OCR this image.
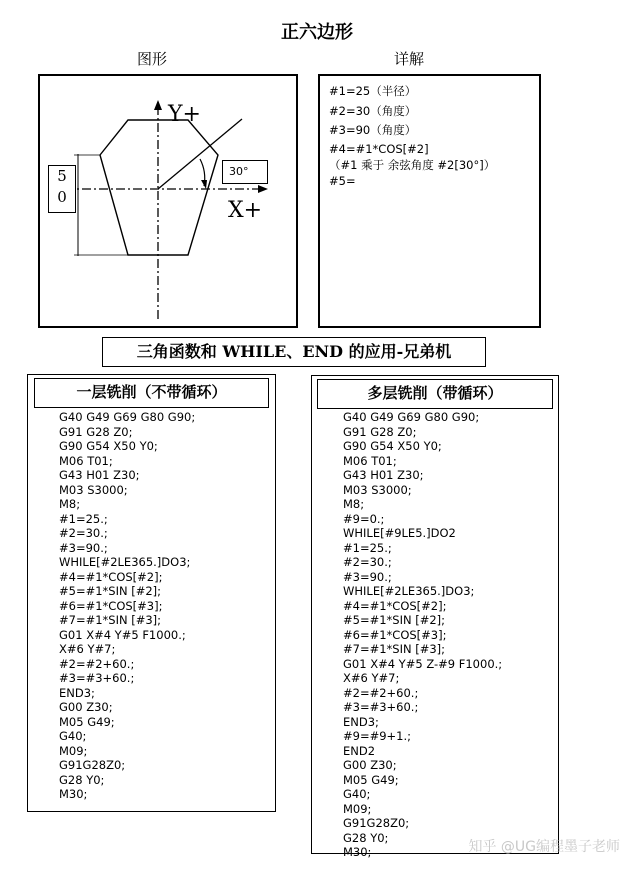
正六边形
图形	详解
5
0
Y+
X+
30°
#1=25（半径）
#2=30（角度）
#3=90（角度）
#4=#1*COS[#2]
（#1 乘于 余弦角度 #2[30°]）
#5=
三角函数和 WHILE、END 的应用-兄弟机
一层铣削（不带循环）
G40 G49 G69 G80 G90;
G91 G28 Z0;
G90 G54 X50 Y0;
M06 T01;
G43 H01 Z30;
M03 S3000;
M8;
#1=25.;
#2=30.;
#3=90.;
WHILE[#2LE365.]DO3;
#4=#1*COS[#2];
#5=#1*SIN [#2];
#6=#1*COS[#3];
#7=#1*SIN [#3];
G01 X#4 Y#5 F1000.;
X#6 Y#7;
#2=#2+60.;
#3=#3+60.;
END3;
G00 Z30;
M05 G49;
G40;
M09;
G91G28Z0;
G28 Y0;
M30;
多层铣削（带循环）
G40 G49 G69 G80 G90;
G91 G28 Z0;
G90 G54 X50 Y0;
M06 T01;
G43 H01 Z30;
M03 S3000;
M8;
#9=0.;
WHILE[#9LE5.]DO2
#1=25.;
#2=30.;
#3=90.;
WHILE[#2LE365.]DO3;
#4=#1*COS[#2];
#5=#1*SIN [#2];
#6=#1*COS[#3];
#7=#1*SIN [#3];
G01 X#4 Y#5 Z-#9 F1000.;
X#6 Y#7;
#2=#2+60.;
#3=#3+60.;
END3;
#9=#9+1.;
END2
G00 Z30;
M05 G49;
G40;
M09;
G91G28Z0;
G28 Y0;
M30;	知乎 @UG编程墨子老师
